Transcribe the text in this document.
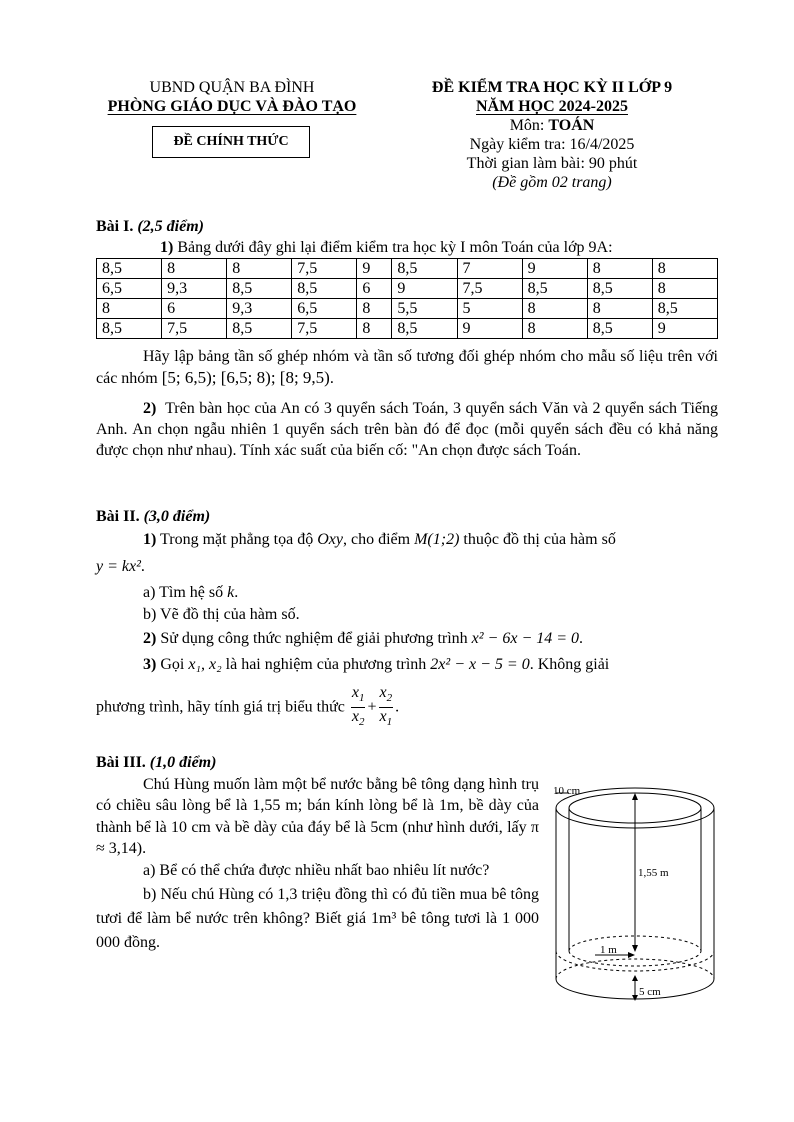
UBND QUẬN BA ĐÌNH
PHÒNG GIÁO DỤC VÀ ĐÀO TẠO
ĐỀ CHÍNH THỨC
ĐỀ KIỂM TRA HỌC KỲ II LỚP 9
NĂM HỌC 2024-2025
Môn: TOÁN
Ngày kiểm tra: 16/4/2025
Thời gian làm bài: 90 phút
(Đề gồm 02 trang)
Bài I. (2,5 điểm)
1) Bảng dưới đây ghi lại điểm kiểm tra học kỳ I môn Toán của lớp 9A:
8,5	8	8	7,5	9	8,5	7	9	8	8
6,5	9,3	8,5	8,5	6	9	7,5	8,5	8,5	8
8	6	9,3	6,5	8	5,5	5	8	8	8,5
8,5	7,5	8,5	7,5	8	8,5	9	8	8,5	9
Hãy lập bảng tần số ghép nhóm và tần số tương đối ghép nhóm cho mẫu số liệu trên với các nhóm [5; 6,5); [6,5; 8); [8; 9,5).
2) Trên bàn học của An có 3 quyển sách Toán, 3 quyển sách Văn và 2 quyển sách Tiếng Anh. An chọn ngẫu nhiên 1 quyển sách trên bàn đó để đọc (mỗi quyển sách đều có khả năng được chọn như nhau). Tính xác suất của biến cố: "An chọn được sách Toán.
Bài II. (3,0 điểm)
1) Trong mặt phẳng tọa độ Oxy, cho điểm M(1;2) thuộc đồ thị của hàm số
y = kx².
a) Tìm hệ số k.
b) Vẽ đồ thị của hàm số.
2) Sử dụng công thức nghiệm để giải phương trình x² − 6x − 14 = 0.
3) Gọi x₁, x₂ là hai nghiệm của phương trình 2x² − x − 5 = 0. Không giải
phương trình, hãy tính giá trị biểu thức $\frac{x_1}{x_2} + \frac{x_2}{x_1}$ .
Bài III. (1,0 điểm)
Chú Hùng muốn làm một bể nước bằng bê tông dạng hình trụ có chiều sâu lòng bể là 1,55 m; bán kính lòng bể là 1m, bề dày của thành bể là 10 cm và bề dày của đáy bể là 5cm (như hình dưới, lấy π ≈ 3,14).
a) Bể có thể chứa được nhiều nhất bao nhiêu lít nước?
b) Nếu chú Hùng có 1,3 triệu đồng thì có đủ tiền mua bê tông tươi để làm bể nước trên không? Biết giá 1m³ bê tông tươi là 1 000 000 đồng.
10 cm
1,55 m
1 m
5 cm
